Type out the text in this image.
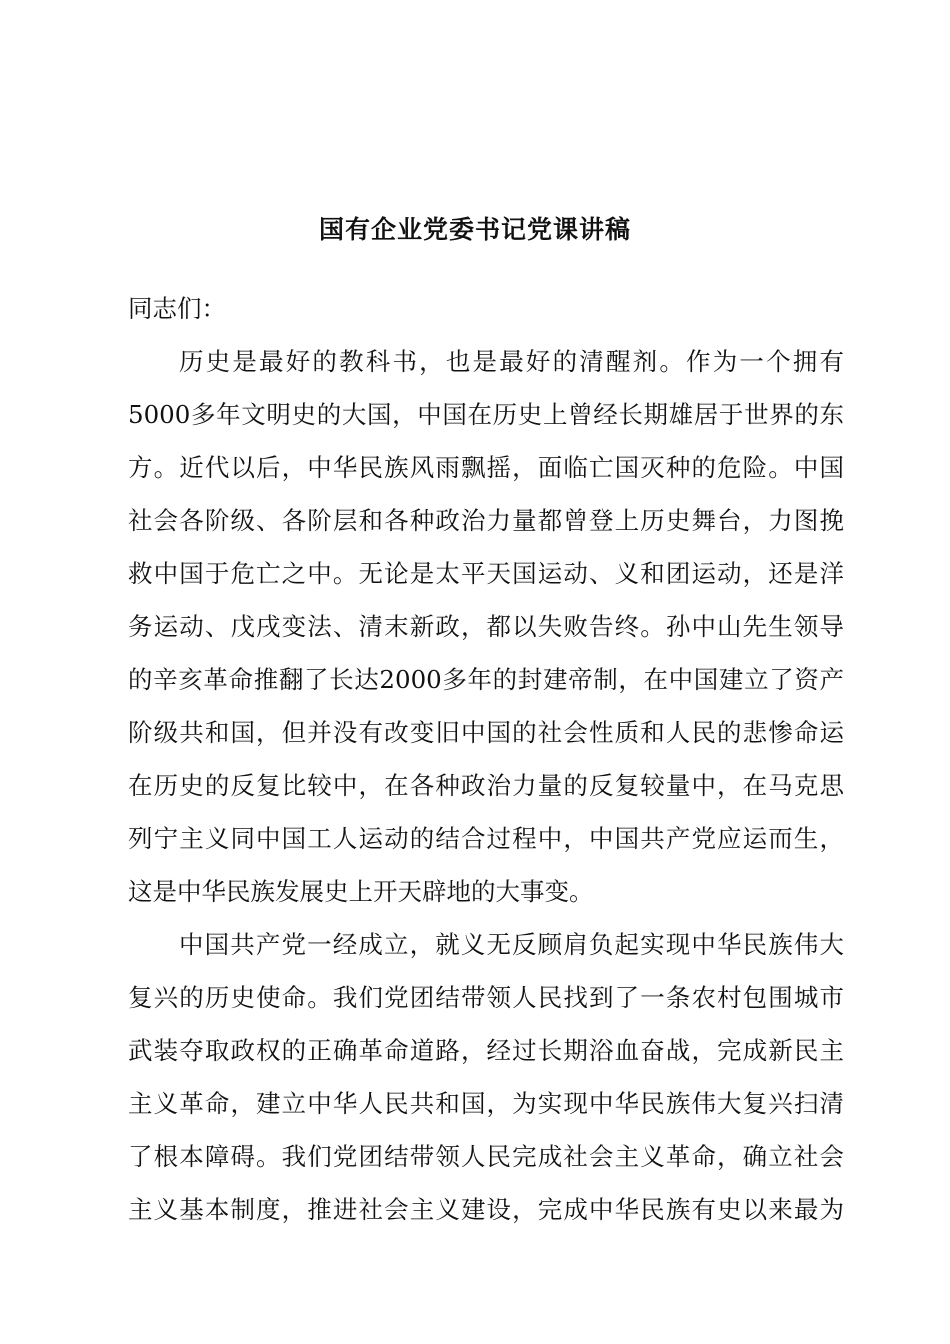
国有企业党委书记党课讲稿
同志们：
历史是最好的教科书，也是最好的清醒剂。作为一个拥有
5000多年文明史的大国，中国在历史上曾经长期雄居于世界的东
方。近代以后，中华民族风雨飘摇，面临亡国灭种的危险。中国
社会各阶级、各阶层和各种政治力量都曾登上历史舞台，力图挽
救中国于危亡之中。无论是太平天国运动、义和团运动，还是洋
务运动、戊戌变法、清末新政，都以失败告终。孙中山先生领导
的辛亥革命推翻了长达2000多年的封建帝制，在中国建立了资产
阶级共和国，但并没有改变旧中国的社会性质和人民的悲惨命运
在历史的反复比较中，在各种政治力量的反复较量中，在马克思
列宁主义同中国工人运动的结合过程中，中国共产党应运而生，
这是中华民族发展史上开天辟地的大事变。
中国共产党一经成立，就义无反顾肩负起实现中华民族伟大
复兴的历史使命。我们党团结带领人民找到了一条农村包围城市
武装夺取政权的正确革命道路，经过长期浴血奋战，完成新民主
主义革命，建立中华人民共和国，为实现中华民族伟大复兴扫清
了根本障碍。我们党团结带领人民完成社会主义革命，确立社会
主义基本制度，推进社会主义建设，完成中华民族有史以来最为
